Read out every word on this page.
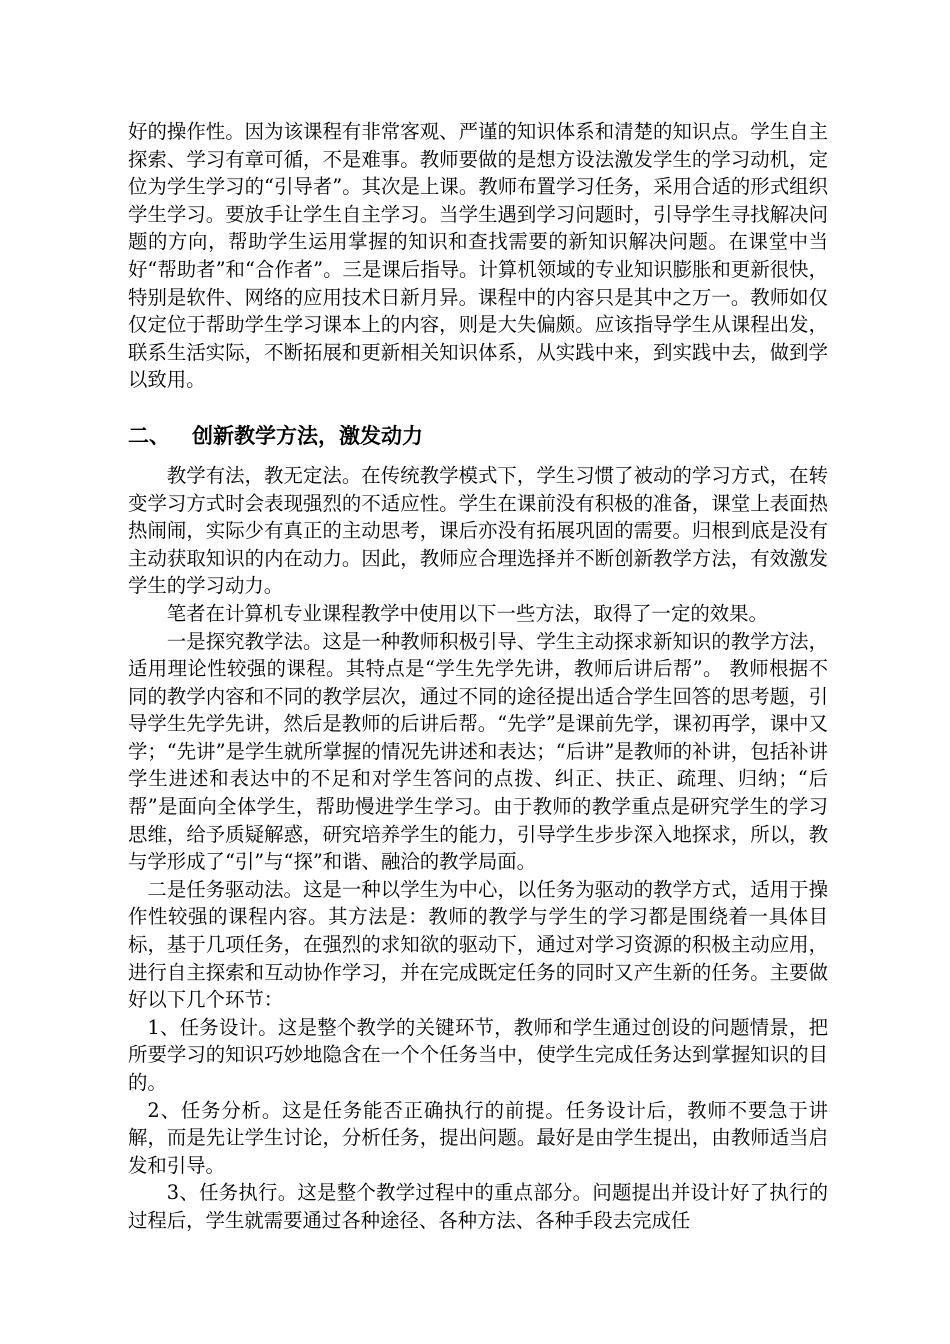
好的操作性。因为该课程有非常客观、严谨的知识体系和清楚的知识点。学生自主探索、学习有章可循，不是难事。教师要做的是想方设法激发学生的学习动机，定位为学生学习的“引导者”。其次是上课。教师布置学习任务，采用合适的形式组织学生学习。要放手让学生自主学习。当学生遇到学习问题时，引导学生寻找解决问题的方向，帮助学生运用掌握的知识和查找需要的新知识解决问题。在课堂中当好“帮助者”和“合作者”。三是课后指导。计算机领域的专业知识膨胀和更新很快，特别是软件、网络的应用技术日新月异。课程中的内容只是其中之万一。教师如仅仅定位于帮助学生学习课本上的内容，则是大失偏颇。应该指导学生从课程出发，联系生活实际，不断拓展和更新相关知识体系，从实践中来，到实践中去，做到学以致用。

二、 创新教学方法，激发动力

教学有法，教无定法。在传统教学模式下，学生习惯了被动的学习方式，在转变学习方式时会表现强烈的不适应性。学生在课前没有积极的准备，课堂上表面热热闹闹，实际少有真正的主动思考，课后亦没有拓展巩固的需要。归根到底是没有主动获取知识的内在动力。因此，教师应合理选择并不断创新教学方法，有效激发学生的学习动力。

笔者在计算机专业课程教学中使用以下一些方法，取得了一定的效果。

一是探究教学法。这是一种教师积极引导、学生主动探求新知识的教学方法，适用理论性较强的课程。其特点是“学生先学先讲，教师后讲后帮”。 教师根据不同的教学内容和不同的教学层次，通过不同的途径提出适合学生回答的思考题，引导学生先学先讲，然后是教师的后讲后帮。“先学”是课前先学，课初再学，课中又学；“先讲”是学生就所掌握的情况先讲述和表达；“后讲”是教师的补讲，包括补讲学生进述和表达中的不足和对学生答问的点拨、纠正、扶正、疏理、归纳；“后帮”是面向全体学生，帮助慢进学生学习。由于教师的教学重点是研究学生的学习思维，给予质疑解惑，研究培养学生的能力，引导学生步步深入地探求，所以，教与学形成了“引”与“探”和谐、融洽的教学局面。

二是任务驱动法。这是一种以学生为中心，以任务为驱动的教学方式，适用于操作性较强的课程内容。其方法是：教师的教学与学生的学习都是围绕着一具体目标，基于几项任务，在强烈的求知欲的驱动下，通过对学习资源的积极主动应用，进行自主探索和互动协作学习，并在完成既定任务的同时又产生新的任务。主要做好以下几个环节：

1、任务设计。这是整个教学的关键环节，教师和学生通过创设的问题情景，把所要学习的知识巧妙地隐含在一个个任务当中，使学生完成任务达到掌握知识的目的。

2、任务分析。这是任务能否正确执行的前提。任务设计后，教师不要急于讲解，而是先让学生讨论，分析任务，提出问题。最好是由学生提出，由教师适当启发和引导。

3、任务执行。这是整个教学过程中的重点部分。问题提出并设计好了执行的过程后，学生就需要通过各种途径、各种方法、各种手段去完成任
